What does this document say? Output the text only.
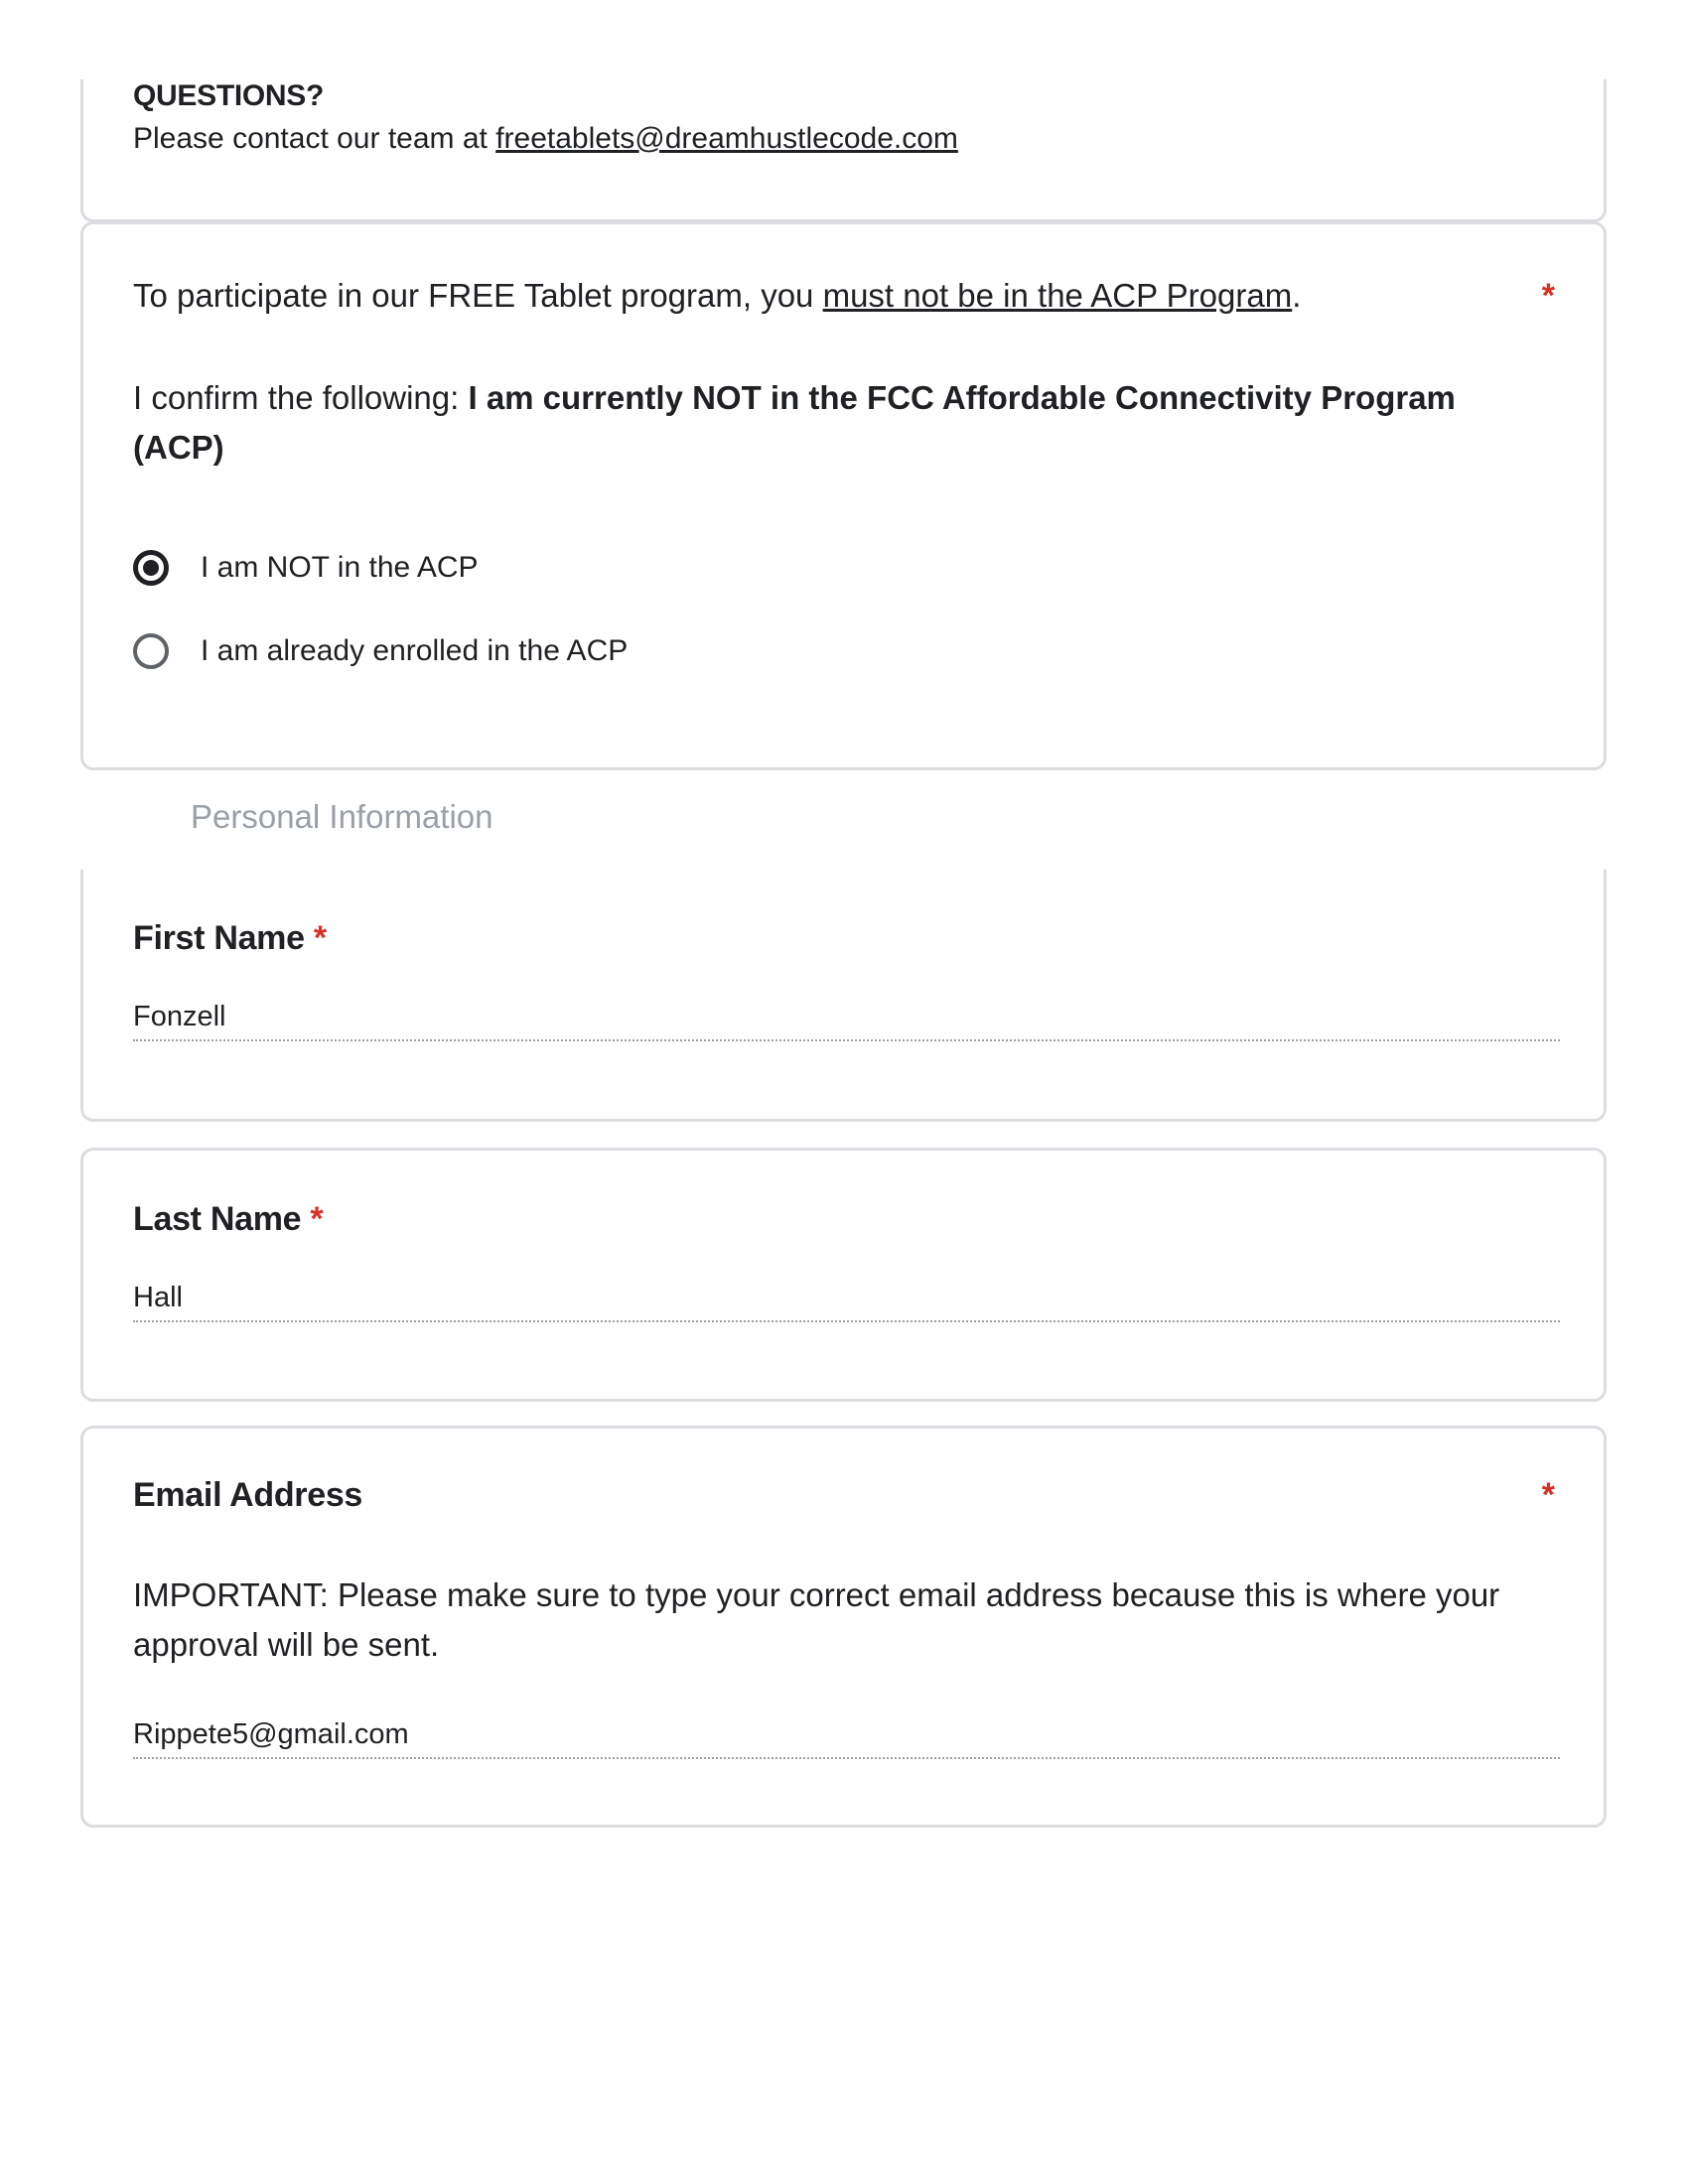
QUESTIONS?
Please contact our team at freetablets@dreamhustlecode.com
To participate in our FREE Tablet program, you must not be in the ACP Program.	*
I confirm the following: I am currently NOT in the FCC Affordable Connectivity Program (ACP)
I am NOT in the ACP
I am already enrolled in the ACP
Personal Information
First Name *
Fonzell
Last Name *
Hall
Email Address	*
IMPORTANT: Please make sure to type your correct email address because this is where your approval will be sent.
Rippete5@gmail.com
